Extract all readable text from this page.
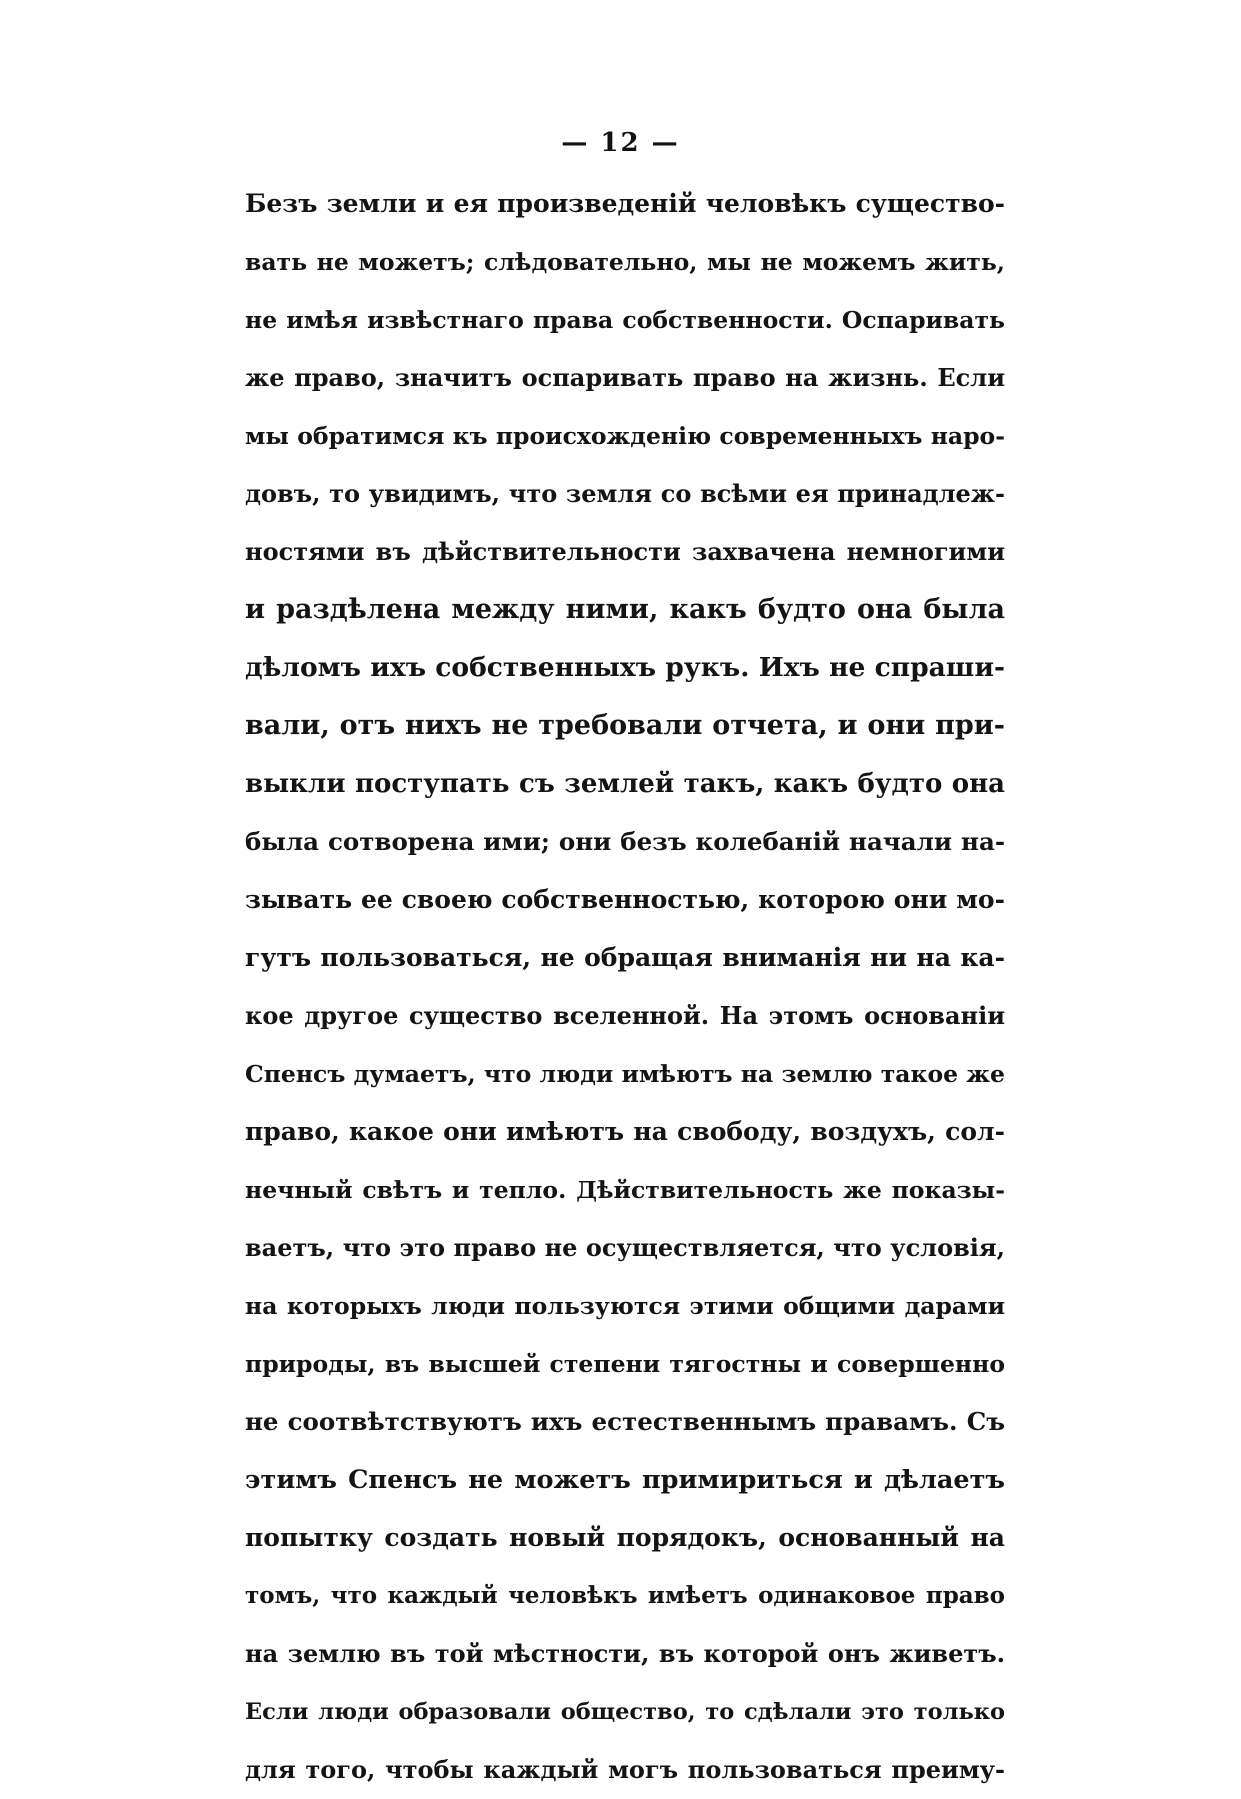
— 12 —
Безъ земли и ея произведеній человѣкъ существо-
вать не можетъ; слѣдовательно, мы не можемъ жить,
не имѣя извѣстнаго права собственности. Оспаривать
же право, значитъ оспаривать право на жизнь. Если
мы обратимся къ происхожденію современныхъ наро-
довъ, то увидимъ, что земля со всѣми ея принадлеж-
ностями въ дѣйствительности захвачена немногими
и раздѣлена между ними, какъ будто она была
дѣломъ ихъ собственныхъ рукъ. Ихъ не спраши-
вали, отъ нихъ не требовали отчета, и они при-
выкли поступать съ землей такъ, какъ будто она
была сотворена ими; они безъ колебаній начали на-
зывать ее своею собственностью, которою они мо-
гутъ пользоваться, не обращая вниманія ни на ка-
кое другое существо вселенной. На этомъ основаніи
Спенсъ думаетъ, что люди имѣютъ на землю такое же
право, какое они имѣютъ на свободу, воздухъ, сол-
нечный свѣтъ и тепло. Дѣйствительность же показы-
ваетъ, что это право не осуществляется, что условія,
на которыхъ люди пользуются этими общими дарами
природы, въ высшей степени тягостны и совершенно
не соотвѣтствуютъ ихъ естественнымъ правамъ. Съ
этимъ Спенсъ не можетъ примириться и дѣлаетъ
попытку создать новый порядокъ, основанный на
томъ, что каждый человѣкъ имѣетъ одинаковое право
на землю въ той мѣстности, въ которой онъ живетъ.
Если люди образовали общество, то сдѣлали это только
для того, чтобы каждый могъ пользоваться преиму-
